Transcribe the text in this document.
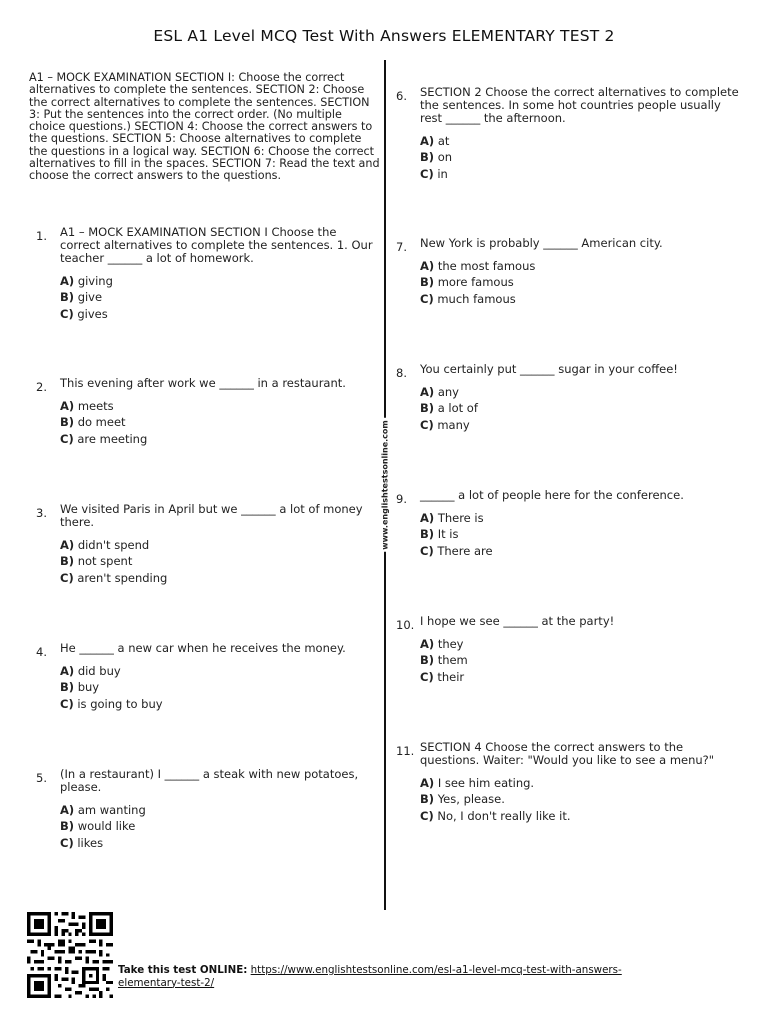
ESL A1 Level MCQ Test With Answers ELEMENTARY TEST 2
www.englishtestsonline.com
A1 – MOCK EXAMINATION SECTION I: Choose the correct alternatives to complete the sentences. SECTION 2: Choose the correct alternatives to complete the sentences. SECTION 3: Put the sentences into the correct order. (No multiple choice questions.) SECTION 4: Choose the correct answers to the questions. SECTION 5: Choose alternatives to complete the questions in a logical way. SECTION 6: Choose the correct alternatives to fill in the spaces. SECTION 7: Read the text and choose the correct answers to the questions.
1.	A1 – MOCK EXAMINATION SECTION I Choose the correct alternatives to complete the sentences. 1. Our teacher ______ a lot of homework.
A) giving
B) give
C) gives
2.	This evening after work we ______ in a restaurant.
A) meets
B) do meet
C) are meeting
3.	We visited Paris in April but we ______ a lot of money there.
A) didn't spend
B) not spent
C) aren't spending
4.	He ______ a new car when he receives the money.
A) did buy
B) buy
C) is going to buy
5.	(In a restaurant) I ______ a steak with new potatoes, please.
A) am wanting
B) would like
C) likes
6.	SECTION 2 Choose the correct alternatives to complete the sentences. In some hot countries people usually rest ______ the afternoon.
A) at
B) on
C) in
7.	New York is probably ______ American city.
A) the most famous
B) more famous
C) much famous
8.	You certainly put ______ sugar in your coffee!
A) any
B) a lot of
C) many
9.	______ a lot of people here for the conference.
A) There is
B) It is
C) There are
10. I hope we see ______ at the party!
A) they
B) them
C) their
11. SECTION 4 Choose the correct answers to the questions. Waiter: "Would you like to see a menu?"
A) I see him eating.
B) Yes, please.
C) No, I don't really like it.
Take this test ONLINE: https://www.englishtestsonline.com/esl-a1-level-mcq-test-with-answers-elementary-test-2/
